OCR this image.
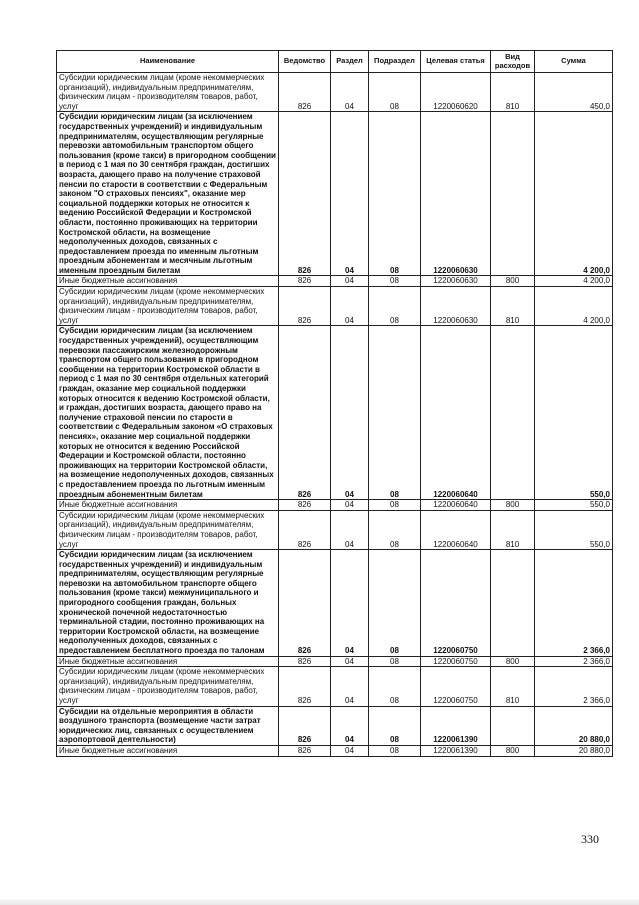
Наименование	Ведомство	Раздел	Подраздел	Целевая статья	Вид расходов	Сумма
Субсидии юридическим лицам (кроме некоммерческих организаций), индивидуальным предпринимателям, физическим лицам - производителям товаров, работ, услуг	826	04	08	1220060620	810	450,0
Субсидии юридическим лицам (за исключением государственных учреждений) и индивидуальным предпринимателям, осуществляющим регулярные перевозки автомобильным транспортом общего пользования (кроме такси) в пригородном сообщении в период с 1 мая по 30 сентября граждан, достигших возраста, дающего право на получение страховой пенсии по старости в соответствии с Федеральным законом "О страховых пенсиях", оказание мер социальной поддержки которых не относится к ведению Российской Федерации и Костромской области, постоянно проживающих на территории Костромской области, на возмещение недополученных доходов, связанных с предоставлением проезда по именным льготным проездным абонементам и месячным льготным именным проездным билетам	826	04	08	1220060630		4 200,0
Иные бюджетные ассигнования	826	04	08	1220060630	800	4 200,0
Субсидии юридическим лицам (кроме некоммерческих организаций), индивидуальным предпринимателям, физическим лицам - производителям товаров, работ, услуг	826	04	08	1220060630	810	4 200,0
Субсидии юридическим лицам (за исключением государственных учреждений), осуществляющим перевозки пассажирским железнодорожным транспортом общего пользования в пригородном сообщении на территории Костромской области в период с 1 мая по 30 сентября отдельных категорий граждан, оказание мер социальной поддержки которых относится к ведению Костромской области, и граждан, достигших возраста, дающего право на получение страховой пенсии по старости в соответствии с Федеральным законом «О страховых пенсиях», оказание мер социальной поддержки которых не относится к ведению Российской Федерации и Костромской области, постоянно проживающих на территории Костромской области, на возмещение недополученных доходов, связанных с предоставлением проезда по льготным именным проездным абонементным билетам	826	04	08	1220060640		550,0
Иные бюджетные ассигнования	826	04	08	1220060640	800	550,0
Субсидии юридическим лицам (кроме некоммерческих организаций), индивидуальным предпринимателям, физическим лицам - производителям товаров, работ, услуг	826	04	08	1220060640	810	550,0
Субсидии юридическим лицам (за исключением государственных учреждений) и индивидуальным предпринимателям, осуществляющим регулярные перевозки на автомобильном транспорте общего пользования (кроме такси) межмуниципального и пригородного сообщения граждан, больных хронической почечной недостаточностью терминальной стадии, постоянно проживающих на территории Костромской области, на возмещение недополученных доходов, связанных с предоставлением бесплатного проезда по талонам	826	04	08	1220060750		2 366,0
Иные бюджетные ассигнования	826	04	08	1220060750	800	2 366,0
Субсидии юридическим лицам (кроме некоммерческих организаций), индивидуальным предпринимателям, физическим лицам - производителям товаров, работ, услуг	826	04	08	1220060750	810	2 366,0
Субсидии на отдельные мероприятия в области воздушного транспорта (возмещение части затрат юридических лиц, связанных с осуществлением аэропортовой деятельности)	826	04	08	1220061390		20 880,0
Иные бюджетные ассигнования	826	04	08	1220061390	800	20 880,0
330
